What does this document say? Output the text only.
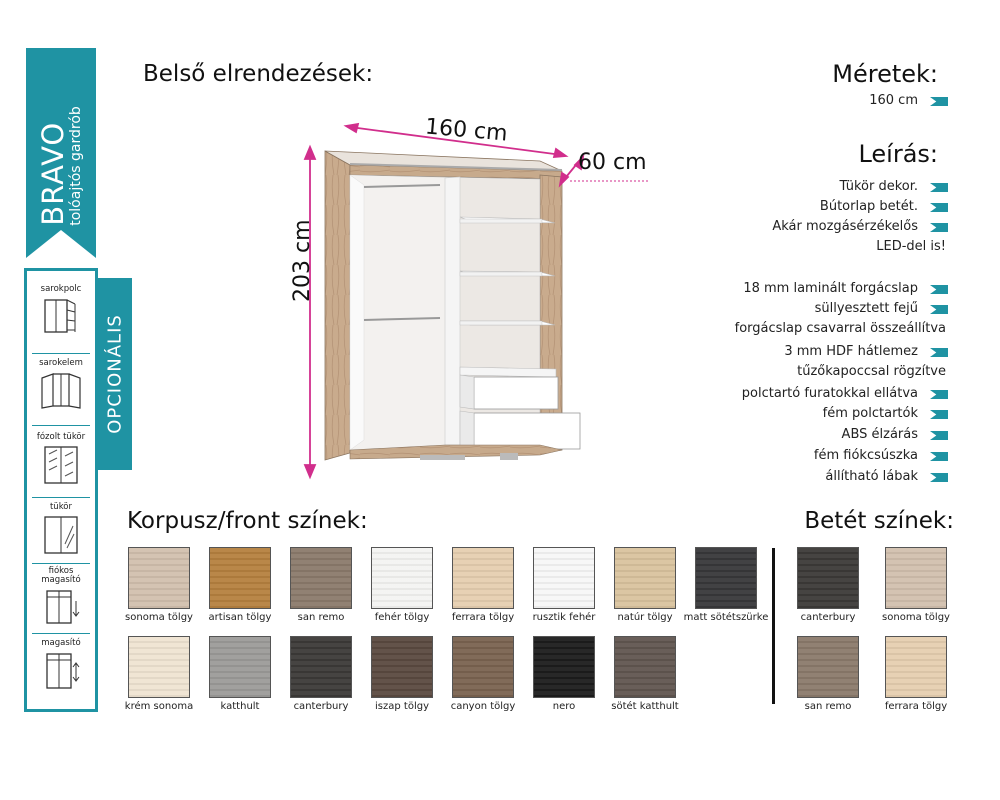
BRAVO
tolóajtós gardrób
sarokpolc
sarokelem
fózolt tükör
tükör
fiókos magasító
magasító
OPCIONÁLIS
Belső elrendezések:	Méretek:
160 cm
Leírás:
160 cm
60 cm
203 cm
Tükör dekor.
Bútorlap betét.
Akár mozgásérzékelős
LED-del is!
18 mm laminált forgácslap
süllyesztett fejű
forgácslap csavarral összeállítva
3 mm HDF hátlemez
tűzőkapoccsal rögzítve
polctartó furatokkal ellátva
fém polctartók
ABS élzárás
fém fiókcsúszka
állítható lábak
Korpusz/front színek:	Betét színek:
sonoma tölgy artisan tölgy	san remo	fehér tölgy ferrara tölgy rusztik fehér natúr tölgy matt sötétszürke
krém sonoma	katthult	canterbury	iszap tölgy canyon tölgy	nero	sötét katthult
canterbury	sonoma tölgy
san remo	ferrara tölgy
